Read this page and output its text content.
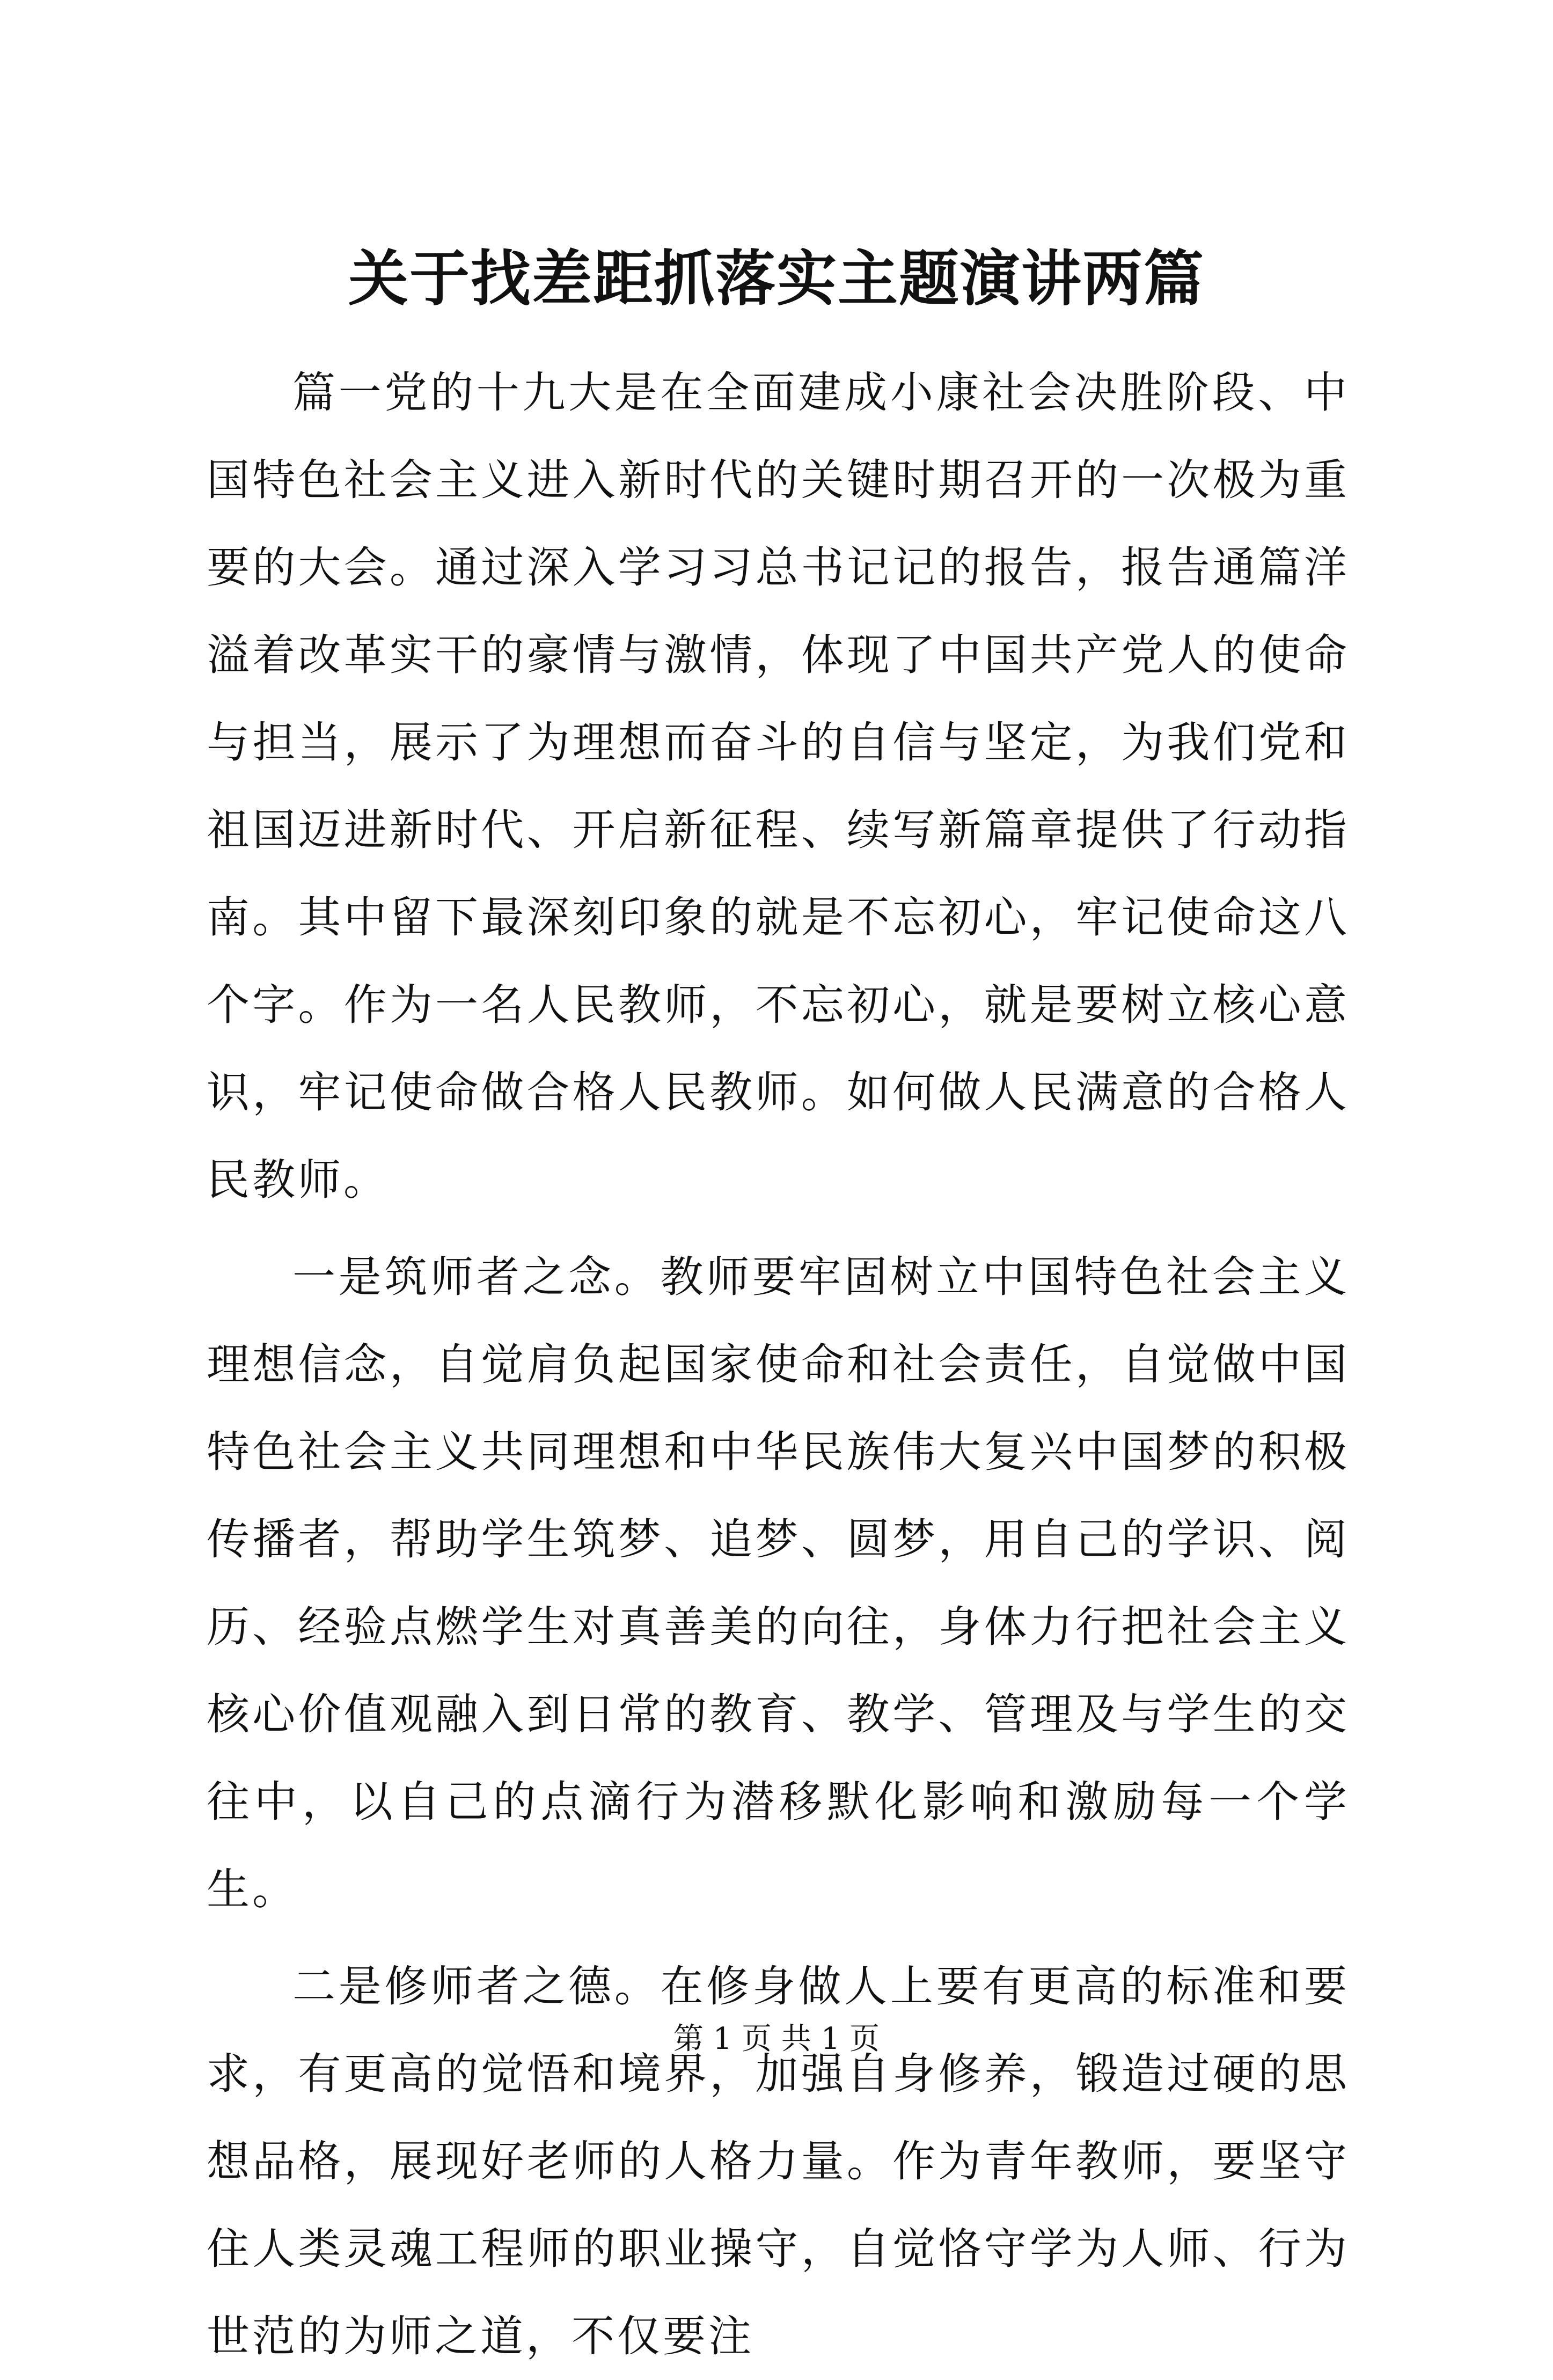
关于找差距抓落实主题演讲两篇

篇一党的十九大是在全面建成小康社会决胜阶段、中国特色社会主义进入新时代的关键时期召开的一次极为重要的大会。通过深入学习习总书记记的报告，报告通篇洋溢着改革实干的豪情与激情，体现了中国共产党人的使命与担当，展示了为理想而奋斗的自信与坚定，为我们党和祖国迈进新时代、开启新征程、续写新篇章提供了行动指南。其中留下最深刻印象的就是不忘初心，牢记使命这八个字。作为一名人民教师，不忘初心，就是要树立核心意识，牢记使命做合格人民教师。如何做人民满意的合格人民教师。

一是筑师者之念。教师要牢固树立中国特色社会主义理想信念，自觉肩负起国家使命和社会责任，自觉做中国特色社会主义共同理想和中华民族伟大复兴中国梦的积极传播者，帮助学生筑梦、追梦、圆梦，用自己的学识、阅历、经验点燃学生对真善美的向往，身体力行把社会主义核心价值观融入到日常的教育、教学、管理及与学生的交往中，以自己的点滴行为潜移默化影响和激励每一个学生。

二是修师者之德。在修身做人上要有更高的标准和要求，有更高的觉悟和境界，加强自身修养，锻造过硬的思想品格，展现好老师的人格力量。作为青年教师，要坚守住人类灵魂工程师的职业操守，自觉恪守学为人师、行为世范的为师之道，不仅要注

第 1 页 共 1 页
